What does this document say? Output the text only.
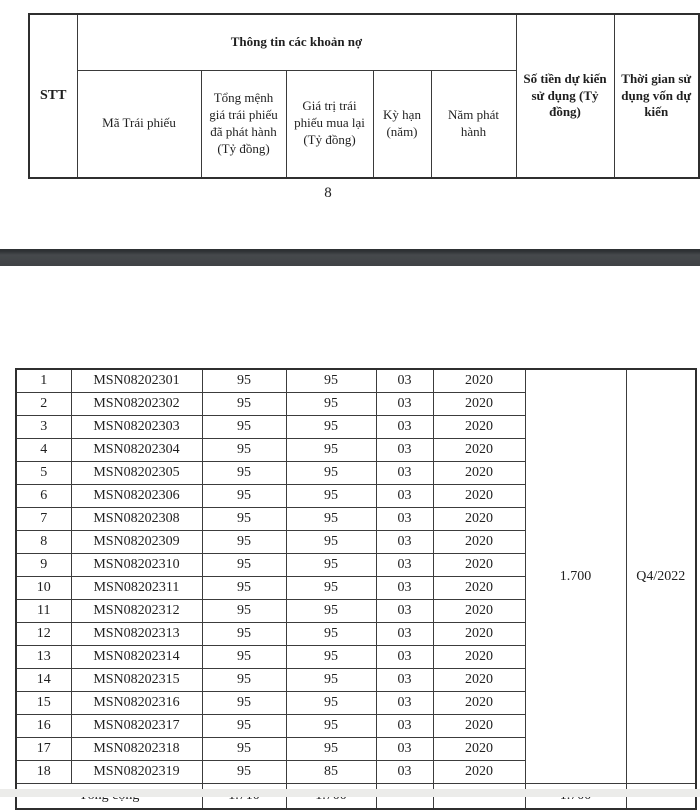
STT	Thông tin các khoản nợ					Số tiền dự kiến sử dụng (Tỷ đồng)	Thời gian sử dụng vốn dự kiến
	Mã Trái phiếu	Tổng mệnh giá trái phiếu đã phát hành (Tỷ đồng)	Giá trị trái phiếu mua lại (Tỷ đồng)	Kỳ hạn (năm)	Năm phát hành		
8
1	MSN08202301	95	95	03	2020	1.700	Q4/2022
2	MSN08202302	95	95	03	2020		
3	MSN08202303	95	95	03	2020		
4	MSN08202304	95	95	03	2020		
5	MSN08202305	95	95	03	2020		
6	MSN08202306	95	95	03	2020		
7	MSN08202308	95	95	03	2020		
8	MSN08202309	95	95	03	2020		
9	MSN08202310	95	95	03	2020		
10	MSN08202311	95	95	03	2020		
11	MSN08202312	95	95	03	2020		
12	MSN08202313	95	95	03	2020		
13	MSN08202314	95	95	03	2020		
14	MSN08202315	95	95	03	2020		
15	MSN08202316	95	95	03	2020		
16	MSN08202317	95	95	03	2020		
17	MSN08202318	95	95	03	2020		
18	MSN08202319	95	85	03	2020		
